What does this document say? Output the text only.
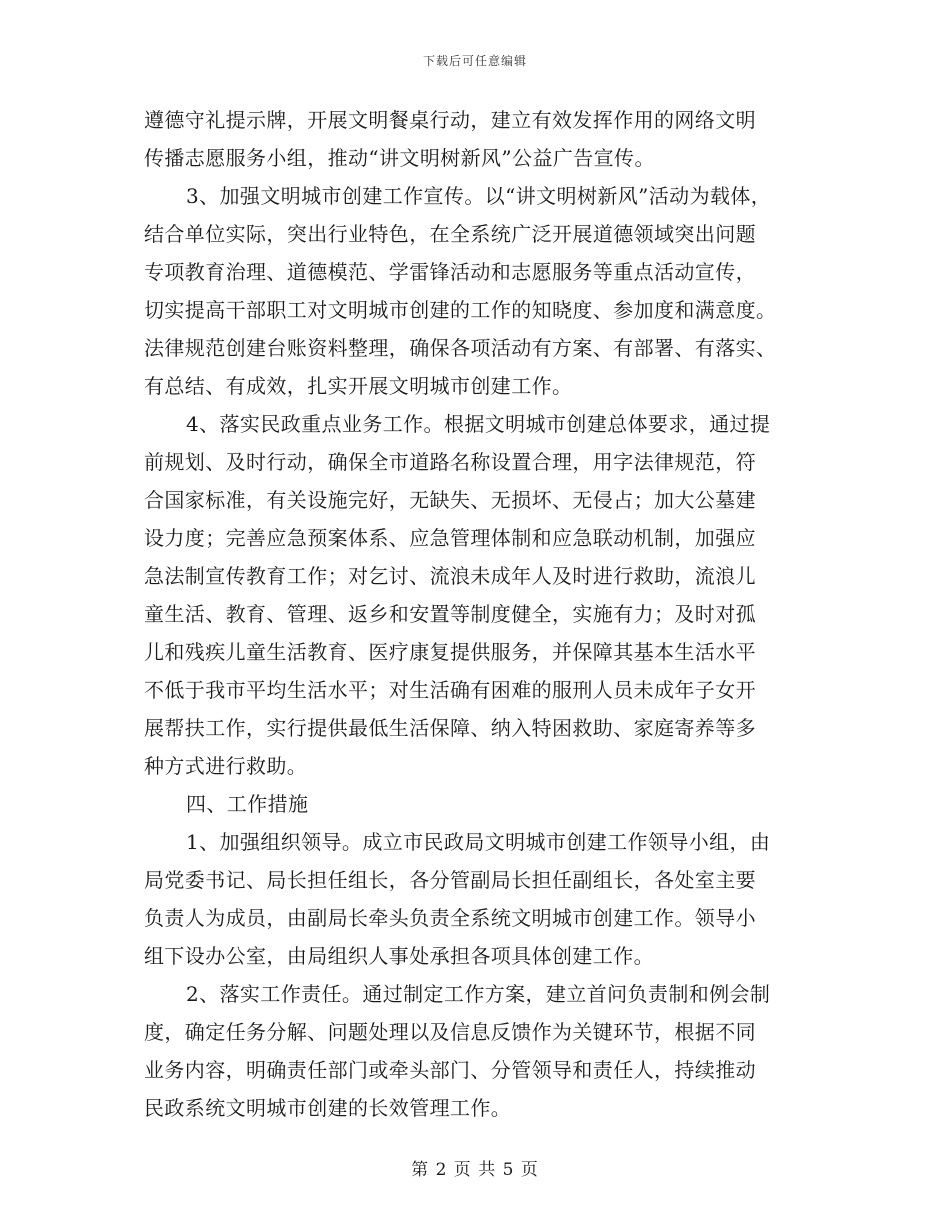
下载后可任意编辑
遵德守礼提示牌，开展文明餐桌行动，建立有效发挥作用的网络文明
传播志愿服务小组，推动“讲文明树新风”公益广告宣传。
3、加强文明城市创建工作宣传。以“讲文明树新风”活动为载体，
结合单位实际，突出行业特色，在全系统广泛开展道德领域突出问题
专项教育治理、道德模范、学雷锋活动和志愿服务等重点活动宣传，
切实提高干部职工对文明城市创建的工作的知晓度、参加度和满意度。
法律规范创建台账资料整理，确保各项活动有方案、有部署、有落实、
有总结、有成效，扎实开展文明城市创建工作。
4、落实民政重点业务工作。根据文明城市创建总体要求，通过提
前规划、及时行动，确保全市道路名称设置合理，用字法律规范，符
合国家标准，有关设施完好，无缺失、无损坏、无侵占；加大公墓建
设力度；完善应急预案体系、应急管理体制和应急联动机制，加强应
急法制宣传教育工作；对乞讨、流浪未成年人及时进行救助，流浪儿
童生活、教育、管理、返乡和安置等制度健全，实施有力；及时对孤
儿和残疾儿童生活教育、医疗康复提供服务，并保障其基本生活水平
不低于我市平均生活水平；对生活确有困难的服刑人员未成年子女开
展帮扶工作，实行提供最低生活保障、纳入特困救助、家庭寄养等多
种方式进行救助。
四、工作措施
1、加强组织领导。成立市民政局文明城市创建工作领导小组，由
局党委书记、局长担任组长，各分管副局长担任副组长，各处室主要
负责人为成员，由副局长牵头负责全系统文明城市创建工作。领导小
组下设办公室，由局组织人事处承担各项具体创建工作。
2、落实工作责任。通过制定工作方案，建立首问负责制和例会制
度，确定任务分解、问题处理以及信息反馈作为关键环节，根据不同
业务内容，明确责任部门或牵头部门、分管领导和责任人，持续推动
民政系统文明城市创建的长效管理工作。
第 2 页 共 5 页
